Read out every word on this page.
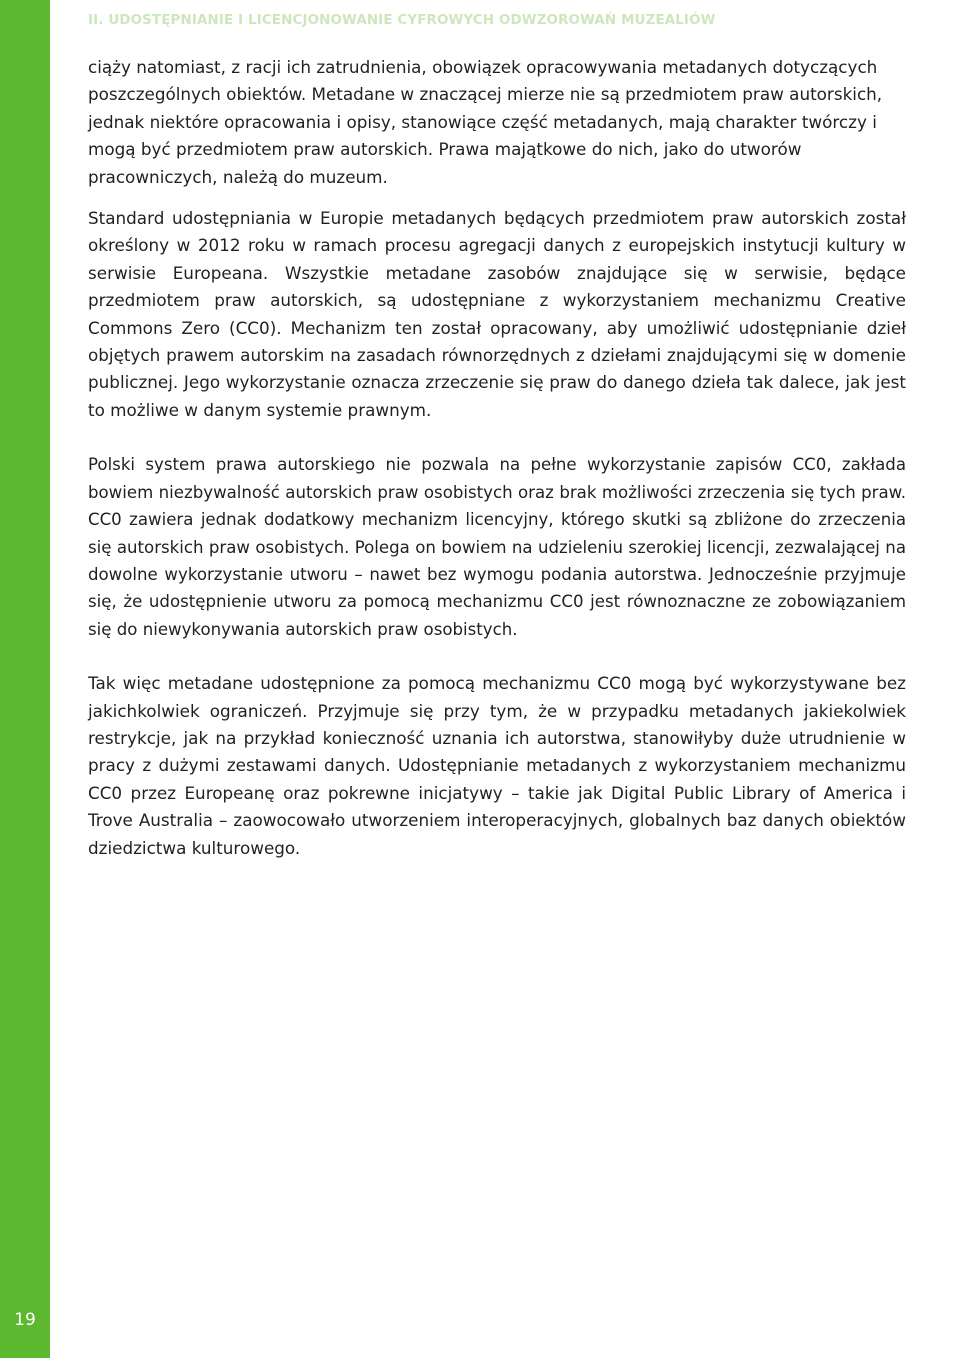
19
II. UDOSTĘPNIANIE I LICENCJONOWANIE CYFROWYCH ODWZOROWAŃ MUZEALIÓW

ciąży natomiast, z racji ich zatrudnienia, obowiązek opracowywania metadanych dotyczących poszczególnych obiektów. Metadane w znaczącej mierze nie są przedmiotem praw autorskich, jednak niektóre opracowania i opisy, stanowiące część metadanych, mają charakter twórczy i mogą być przedmiotem praw autorskich. Prawa majątkowe do nich, jako do utworów pracowniczych, należą do muzeum.

Standard udostępniania w Europie metadanych będących przedmiotem praw autorskich został określony w 2012 roku w ramach procesu agregacji danych z europejskich instytucji kultury w serwisie Europeana. Wszystkie metadane zasobów znajdujące się w serwisie, będące przedmiotem praw autorskich, są udostępniane z wykorzystaniem mechanizmu Creative Commons Zero (CC0). Mechanizm ten został opracowany, aby umożliwić udostępnianie dzieł objętych prawem autorskim na zasadach równorzędnych z dziełami znajdującymi się w domenie publicznej. Jego wykorzystanie oznacza zrzeczenie się praw do danego dzieła tak dalece, jak jest to możliwe w danym systemie prawnym.

Polski system prawa autorskiego nie pozwala na pełne wykorzystanie zapisów CC0, zakłada bowiem niezbywalność autorskich praw osobistych oraz brak możliwości zrzeczenia się tych praw. CC0 zawiera jednak dodatkowy mechanizm licencyjny, którego skutki są zbliżone do zrzeczenia się autorskich praw osobistych. Polega on bowiem na udzieleniu szerokiej licencji, zezwalającej na dowolne wykorzystanie utworu – nawet bez wymogu podania autorstwa. Jednocześnie przyjmuje się, że udostępnienie utworu za pomocą mechanizmu CC0 jest równoznaczne ze zobowiązaniem się do niewykonywania autorskich praw osobistych.

Tak więc metadane udostępnione za pomocą mechanizmu CC0 mogą być wykorzystywane bez jakichkolwiek ograniczeń. Przyjmuje się przy tym, że w przypadku metadanych jakiekolwiek restrykcje, jak na przykład konieczność uznania ich autorstwa, stanowiłyby duże utrudnienie w pracy z dużymi zestawami danych. Udostępnianie metadanych z wykorzystaniem mechanizmu CC0 przez Europeanę oraz pokrewne inicjatywy – takie jak Digital Public Library of America i Trove Australia – zaowocowało utworzeniem interoperacyjnych, globalnych baz danych obiektów dziedzictwa kulturowego.
